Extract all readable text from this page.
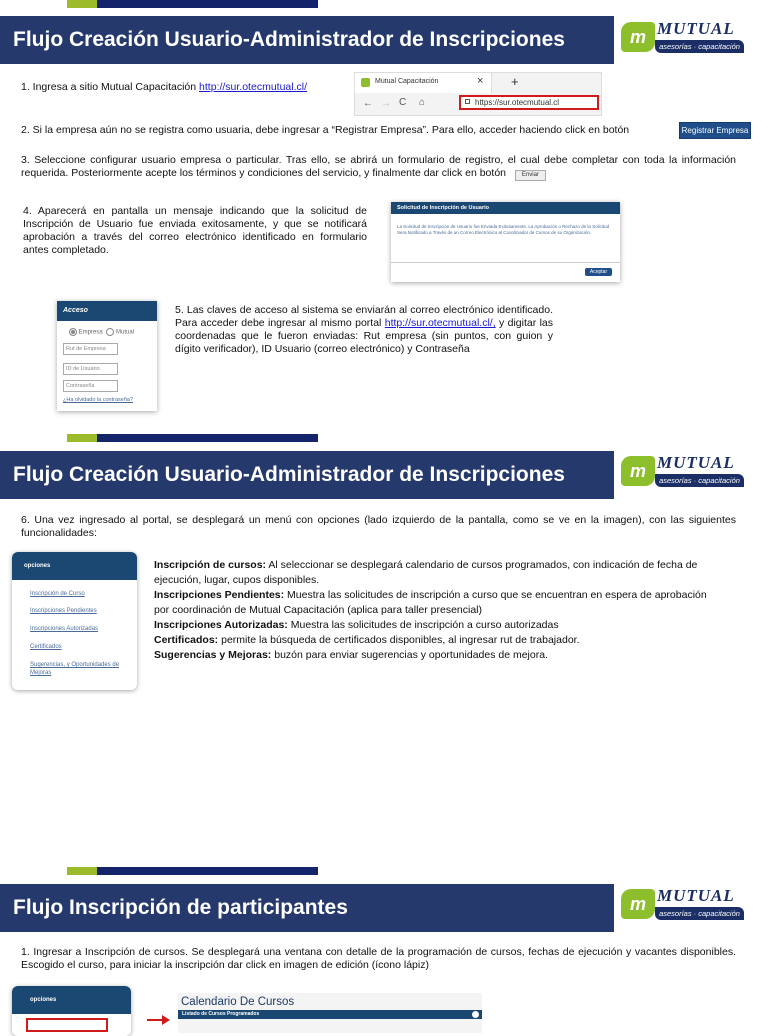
Flujo Creación Usuario-Administrador de Inscripciones	m MUTUAL
asesorías · capacitación
1. Ingresa a sitio Mutual Capacitación http://sur.otecmutual.cl/	Mutual Capacitación	× +
← → C ⌂	https://sur.otecmutual.cl
2. Si la empresa aún no se registra como usuaria, debe ingresar a “Registrar Empresa”. Para ello, acceder haciendo click en botón	Registrar Empresa
3. Seleccione configurar usuario empresa o particular. Tras ello, se abrirá un formulario de registro, el cual debe completar con toda la información requerida. Posteriormente acepte los términos y condiciones del servicio, y finalmente dar click en botón	Enviar
4. Aparecerá en pantalla un mensaje indicando que la solicitud de Inscripción de Usuario fue enviada exitosamente, y que se notificará aprobación a través del correo electrónico identificado en formulario antes completado.
Solicitud de Inscripción de Usuario
La Solicitud de Inscripción de Usuario fue Enviada Exitosamente. La Aprobación o Rechazo de la Solicitud Sera Notificado a Través de un Correo Electrónico al Coordinador de Cursos de su Organización.
Aceptar
Acceso
Empresa Mutual
Rut de Empresa
ID de Usuario
Contraseña
¿Ha olvidado la contraseña?
5. Las claves de acceso al sistema se enviarán al correo electrónico identificado. Para acceder debe ingresar al mismo portal http://sur.otecmutual.cl/, y digitar las coordenadas que le fueron enviadas: Rut empresa (sin puntos, con guion y dígito verificador), ID Usuario (correo electrónico) y Contraseña
Flujo Creación Usuario-Administrador de Inscripciones	m MUTUAL
asesorías · capacitación
6. Una vez ingresado al portal, se desplegará un menú con opciones (lado izquierdo de la pantalla, como se ve en la imagen), con las siguientes funcionalidades:
opciones
Inscripción de Curso
Inscripciones Pendientes
Inscripciones Autorizadas
Certificados
Sugerencias, y Oportunidades de Mejoras
Inscripción de cursos: Al seleccionar se desplegará calendario de cursos programados, con indicación de fecha de ejecución, lugar, cupos disponibles.
Inscripciones Pendientes: Muestra las solicitudes de inscripción a curso que se encuentran en espera de aprobación por coordinación de Mutual Capacitación (aplica para taller presencial)
Inscripciones Autorizadas: Muestra las solicitudes de inscripción a curso autorizadas
Certificados: permite la búsqueda de certificados disponibles, al ingresar rut de trabajador.
Sugerencias y Mejoras: buzón para enviar sugerencias y oportunidades de mejora.
Flujo Inscripción de participantes	m MUTUAL
asesorías · capacitación
1. Ingresar a Inscripción de cursos. Se desplegará una ventana con detalle de la programación de cursos, fechas de ejecución y vacantes disponibles. Escogido el curso, para iniciar la inscripción dar click en imagen de edición (ícono lápiz)
opciones	Calendario De Cursos
Listado de Cursos Programados
